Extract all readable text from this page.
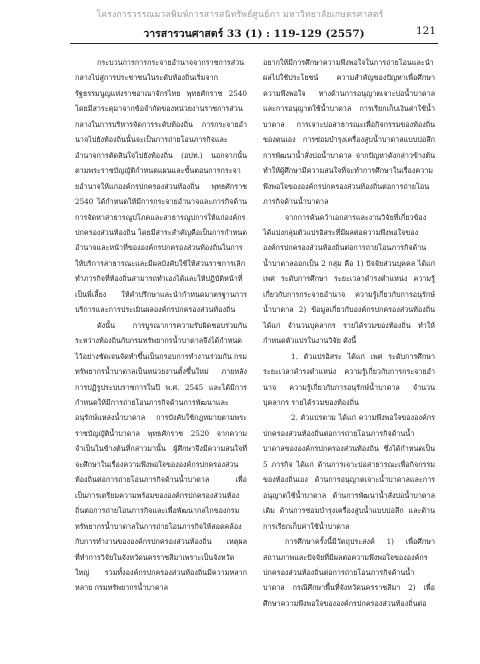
โครงการวรรณมวลพิมพ์การสารสนิทรัพย์ศูนย์ภา มหาวิทยาลัยเกษตรศาสตร์
วารสารวนศาสตร์ 33 (1) : 119-129 (2557)	121

กระบวนการการกระจายอำนาจจากราชการส่วนกลางไปสู่การประชาชนในระดับท้องถิ่นเริ่มจากรัฐธรรมนูญแห่งราชอาณาจักรไทย พุทธศักราช 2540 โดยมีสาระคุมาจากข้อจำกัดของหน่วยงานราชการส่วนกลางในการบริหารจัดการระดับท้องถิ่น การกระจายอำนาจไปยังท้องถิ่นนั้นจะเป็นการถ่ายโอนภารกิจและอำนาจการตัดสินใจไปยังท้องถิ่น (อปท.) นอกจากนั้นตามพระราชบัญญัติกำหนดแผนและขั้นตอนการกระจายอำนาจให้แก่องค์กรปกครองส่วนท้องถิ่น พุทธศักราช 2540 ได้กำหนดให้มีการกระจายอำนาจและภารกิจด้านการจัดหาสาธารณูปโภคและสาธารณูปการให้แก่องค์กรปกครองส่วนท้องถิ่น โดยมีสาระสำคัญคือเป็นการกำหนดอำนาจและหน้าที่ขององค์กรปกครองส่วนท้องถิ่นในการให้บริการสาธารณะและมีผลบังคับใช้ให้ส่วนราชการเลิกทำภารกิจที่ท้องถิ่นสามารถทำเองได้และให้ปฏิบัติหน้าที่เป็นพี่เลี้ยง ให้คำปรึกษาและนำกำหนดมาตรฐานการบริการและการประเมินผลองค์กรปกครองส่วนท้องถิ่น

ดังนั้น การบูรณาการความรับผิดชอบร่วมกันระหว่างท้องถิ่นกับกรมทรัพยากรน้ำบาดาลจึงได้กำหนดไว้อย่างชัดเจนจัดทำขึ้นเป็นกรอบการทำงานร่วมกัน กรมทรัพยากรน้ำบาดาลเป็นหน่วยงานตั้งขึ้นใหม่ ภายหลังการปฏิรูประบบราชการในปี พ.ศ. 2545 และได้มีการกำหนดให้มีการถ่ายโอนภารกิจด้านการพัฒนาและอนุรักษ์แหล่งน้ำบาดาล การบังคับใช้กฎหมายตามพระราชบัญญัติน้ำบาดาล พุทธศักราช 2520 จากความจำเป็นในข้างต้นที่กล่าวมานั้น ผู้ศึกษาจึงมีความสนใจที่จะศึกษาในเรื่องความพึงพอใจขององค์กรปกครองส่วนท้องถิ่นต่อการถ่ายโอนภารกิจด้านน้ำบาดาล เพื่อเป็นการเตรียมความพร้อมขององค์กรปกครองส่วนท้องถิ่นต่อการถ่ายโอนภารกิจและเพื่อพัฒนากลไกของกรมทรัพยากรน้ำบาดาลในการถ่ายโอนภารกิจให้สอดคล้องกับการทำงานขององค์กรปกครองส่วนท้องถิ่น เหตุผลที่ทำการวิจัยในจังหวัดนครราชสีมาเพราะเป็นจังหวัดใหญ่ รวมทั้งองค์กรปกครองส่วนท้องถิ่นมีความหลากหลาย กรมทรัพยากรน้ำบาดาล

อยากให้มีการศึกษาความพึงพอใจในการถ่ายโอนและนำผลไปใช้ประโยชน์ ความสำคัญของปัญหาเพื่อศึกษาความพึงพอใจ ทางด้านการอนุญาตเจาะบ่อน้ำบาดาลและการอนุญาตใช้น้ำบาดาล การเรียกเก็บเงินค่าใช้น้ำบาดาล การเจาะบ่อสาธารณะเพื่อกิจกรรมของท้องถิ่นของตนเอง การซ่อมบำรุงเครื่องสูบน้ำบาดาลแบบบ่อลึกการพัฒนาน้ำสั่งบ่อน้ำบาดาล จากปัญหาดังกล่าวข้างต้น ทำให้ผู้ศึกษามีความสนใจที่จะทำการศึกษาในเรื่องความพึงพอใจขององค์กรปกครองส่วนท้องถิ่นต่อการถ่ายโอนภารกิจด้านน้ำบาดาล

จากการค้นคว้าเอกสารและงานวิจัยที่เกี่ยวข้อง ได้แบ่งกลุ่มตัวแปรอิสระที่มีผลต่อความพึงพอใจขององค์กรปกครองส่วนท้องถิ่นต่อการถ่ายโอนภารกิจด้านน้ำบาดาลออกเป็น 2 กลุ่ม คือ 1) ปัจจัยส่วนบุคคล ได้แก่ เพศ ระดับการศึกษา ระยะเวลาดำรงตำแหน่ง ความรู้เกี่ยวกับการกระจายอำนาจ ความรู้เกี่ยวกับการอนุรักษ์น้ำบาดาล 2) ข้อมูลเกี่ยวกับองค์กรปกครองส่วนท้องถิ่น ได้แก่ จำนวนบุคลากร รายได้รวมของท้องถิ่น ทำให้กำหนดตัวแปรในงานวิจัย ดังนี้

1. ตัวแปรอิสระ ได้แก่ เพศ ระดับการศึกษา ระยะเวลาดำรงตำแหน่ง ความรู้เกี่ยวกับการกระจายอำนาจ ความรู้เกี่ยวกับการอนุรักษ์น้ำบาดาล จำนวนบุคลากร รายได้รวมของท้องถิ่น

2. ตัวแปรตาม ได้แก่ ความพึงพอใจขององค์กรปกครองส่วนท้องถิ่นต่อการถ่ายโอนภารกิจด้านน้ำบาดาลขององค์กรปกครองส่วนท้องถิ่น ซึ่งได้กำหนดเป็น 5 ภารกิจ ได้แก่ ด้านการเจาะบ่อสาธารณะเพื่อกิจกรรมของท้องถิ่นเอง ด้านการอนุญาตเจาะน้ำบาดาลและการอนุญาตใช้น้ำบาดาล ด้านการพัฒนาน้ำสั่งบ่อน้ำบาดาลเดิม ด้านการซ่อมบำรุงเครื่องสูบน้ำแบบบ่อลึก และด้านการเรียกเก็บค่าใช้น้ำบาดาล

การศึกษาครั้งนี้มีวัตถุประสงค์ 1) เพื่อศึกษาสถานภาพและปัจจัยที่มีผลต่อความพึงพอใจขององค์กรปกครองส่วนท้องถิ่นต่อการถ่ายโอนภารกิจด้านน้ำบาดาล กรณีศึกษาพื้นที่จังหวัดนครราชสีมา 2) เพื่อศึกษาความพึงพอใจขององค์กรปกครองส่วนท้องถิ่นต่อ
